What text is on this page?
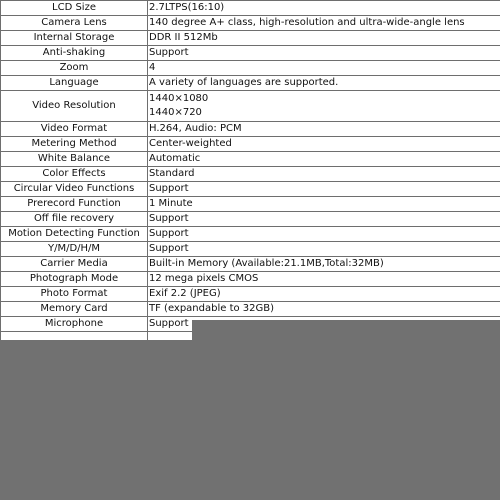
LCD Size	2.7LTPS(16:10)
Camera Lens	140 degree A+ class, high-resolution and ultra-wide-angle lens
Internal Storage	DDR II 512Mb
Anti-shaking	Support
Zoom	4
Language	A variety of languages are supported.
Video Resolution	1440×1080
1440×720

Video Format	H.264, Audio: PCM
Metering Method	Center-weighted
White Balance	Automatic
Color Effects	Standard
Circular Video Functions	Support
Prerecord Function	1 Minute
Off file recovery	Support
Motion Detecting Function	Support
Y/M/D/H/M	Support
Carrier Media	Built-in Memory (Available:21.1MB,Total:32MB)
Photograph Mode	12 mega pixels CMOS
Photo Format	Exif 2.2 (JPEG)
Memory Card	TF (expandable to 32GB)
Microphone	Support
